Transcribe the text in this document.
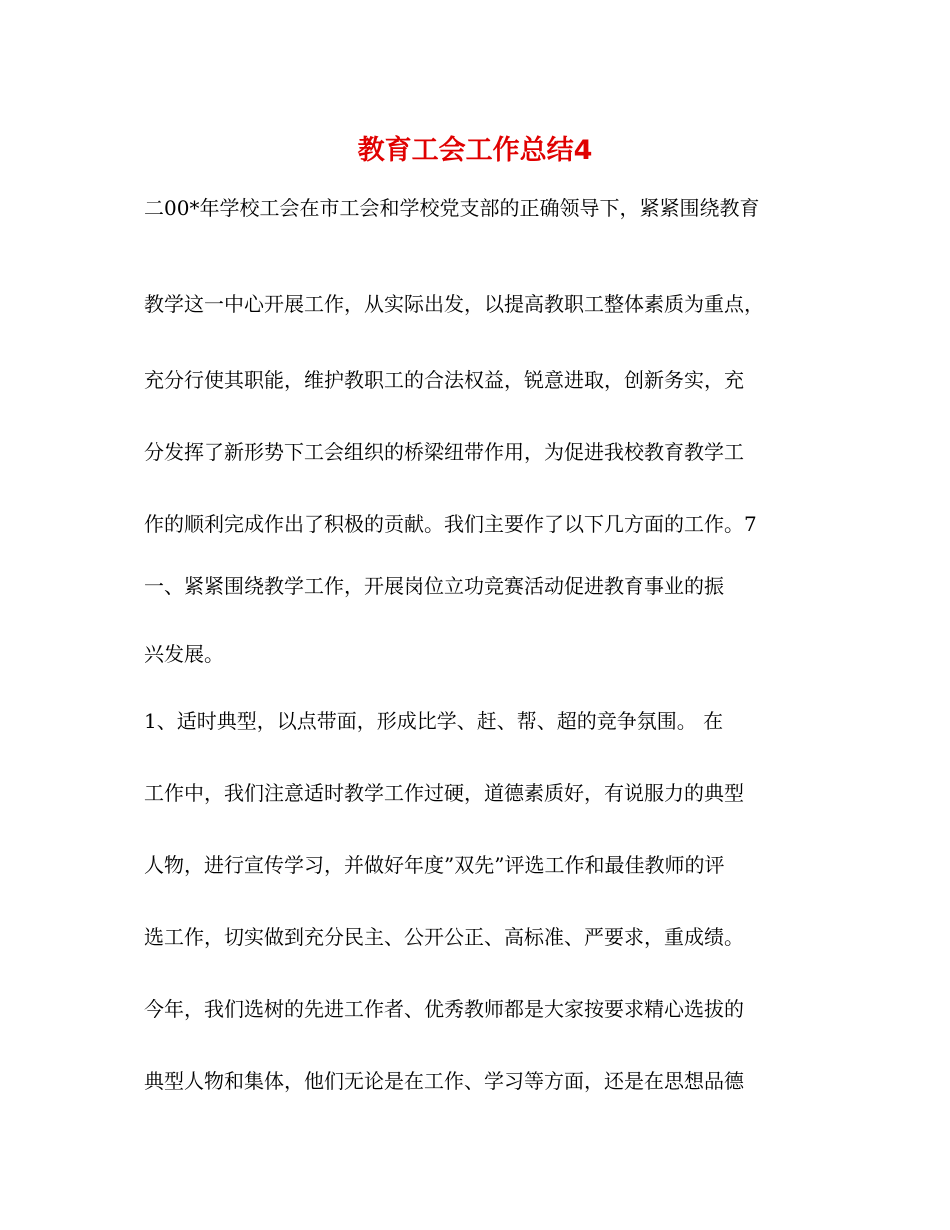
教育工会工作总结4
二00*年学校工会在市工会和学校党支部的正确领导下，紧紧围绕教育
教学这一中心开展工作，从实际出发，以提高教职工整体素质为重点，
充分行使其职能，维护教职工的合法权益，锐意进取，创新务实，充
分发挥了新形势下工会组织的桥梁纽带作用，为促进我校教育教学工
作的顺利完成作出了积极的贡献。我们主要作了以下几方面的工作。7
一、紧紧围绕教学工作，开展岗位立功竞赛活动促进教育事业的振
兴发展。
1、适时典型，以点带面，形成比学、赶、帮、超的竞争氛围。 在
工作中，我们注意适时教学工作过硬，道德素质好，有说服力的典型
人物，进行宣传学习，并做好年度”双先”评选工作和最佳教师的评
选工作，切实做到充分民主、公开公正、高标准、严要求，重成绩。
今年，我们选树的先进工作者、优秀教师都是大家按要求精心选拔的
典型人物和集体，他们无论是在工作、学习等方面，还是在思想品德
